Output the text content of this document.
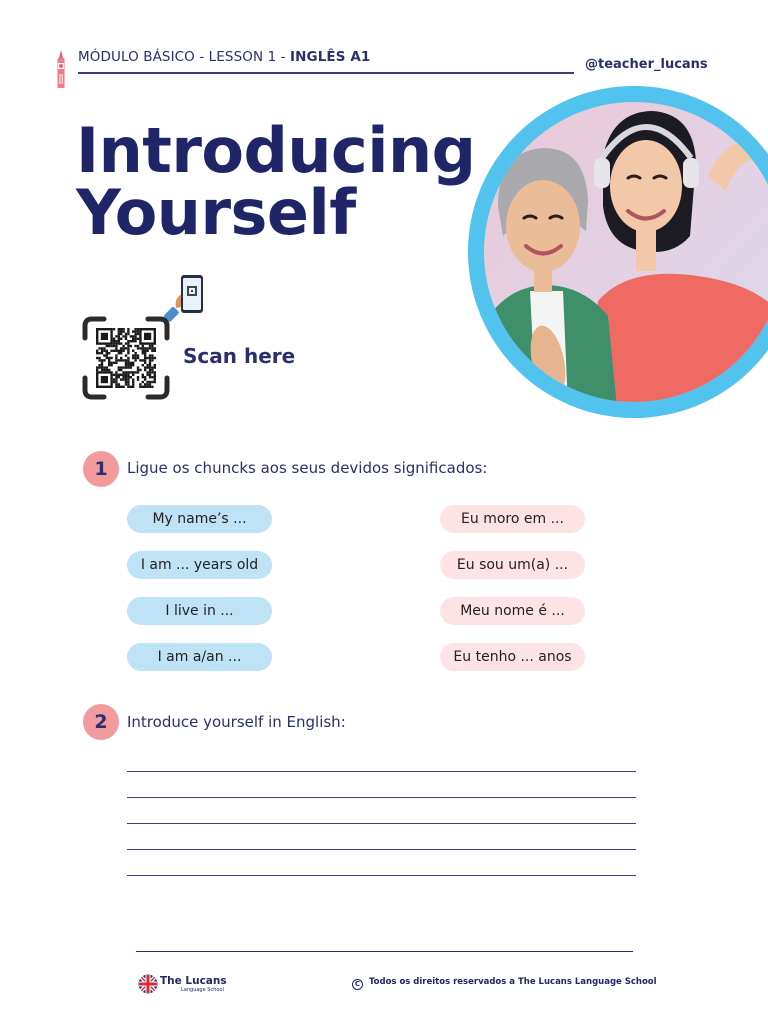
MÓDULO BÁSICO - LESSON 1 - INGLÊS A1	@teacher_lucans
Introducing
Yourself
Scan here
1	Ligue os chuncks aos seus devidos significados:
My name’s ...
I am ... years old
I live in ...
I am a/an ...
Eu moro em ...
Eu sou um(a) ...
Meu nome é ...
Eu tenho ... anos
2	Introduce yourself in English:
The Lucans
Language School
C Todos os direitos reservados a The Lucans Language School
